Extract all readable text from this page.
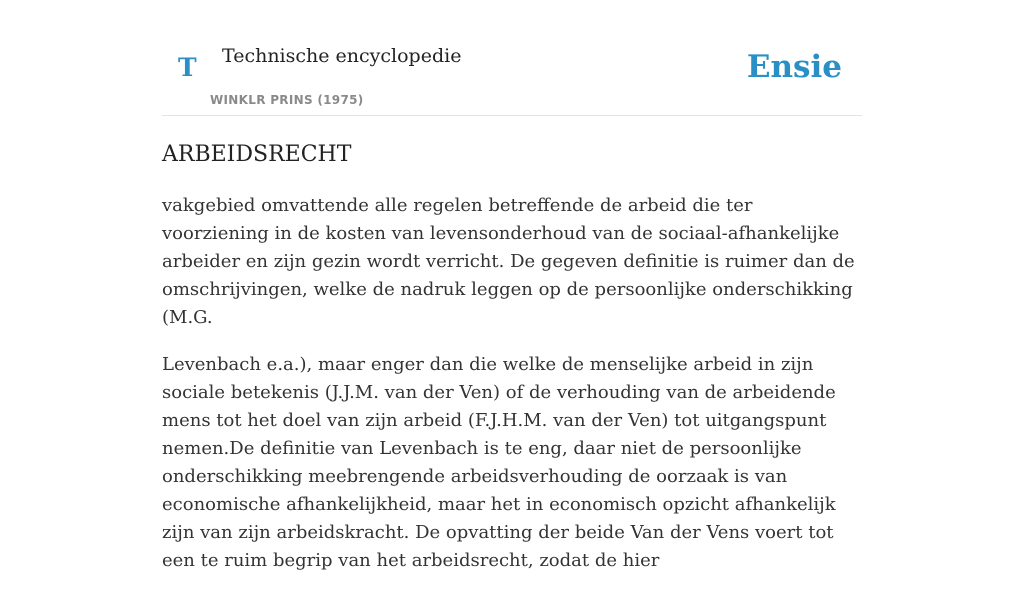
T Technische encyclopedie
WINKLR PRINS (1975)
Ensie
ARBEIDSRECHT

vakgebied omvattende alle regelen betreffende de arbeid die ter voorziening in de kosten van levensonderhoud van de sociaal-afhankelijke arbeider en zijn gezin wordt verricht. De gegeven definitie is ruimer dan de omschrijvingen, welke de nadruk leggen op de persoonlijke onderschikking (M.G.

Levenbach e.a.), maar enger dan die welke de menselijke arbeid in zijn sociale betekenis (J.J.M. van der Ven) of de verhouding van de arbeidende mens tot het doel van zijn arbeid (F.J.H.M. van der Ven) tot uitgangspunt nemen.De definitie van Levenbach is te eng, daar niet de persoonlijke onderschikking meebrengende arbeidsverhouding de oorzaak is van economische afhankelijkheid, maar het in economisch opzicht afhankelijk zijn van zijn arbeidskracht. De opvatting der beide Van der Vens voert tot een te ruim begrip van het arbeidsrecht, zodat de hier
